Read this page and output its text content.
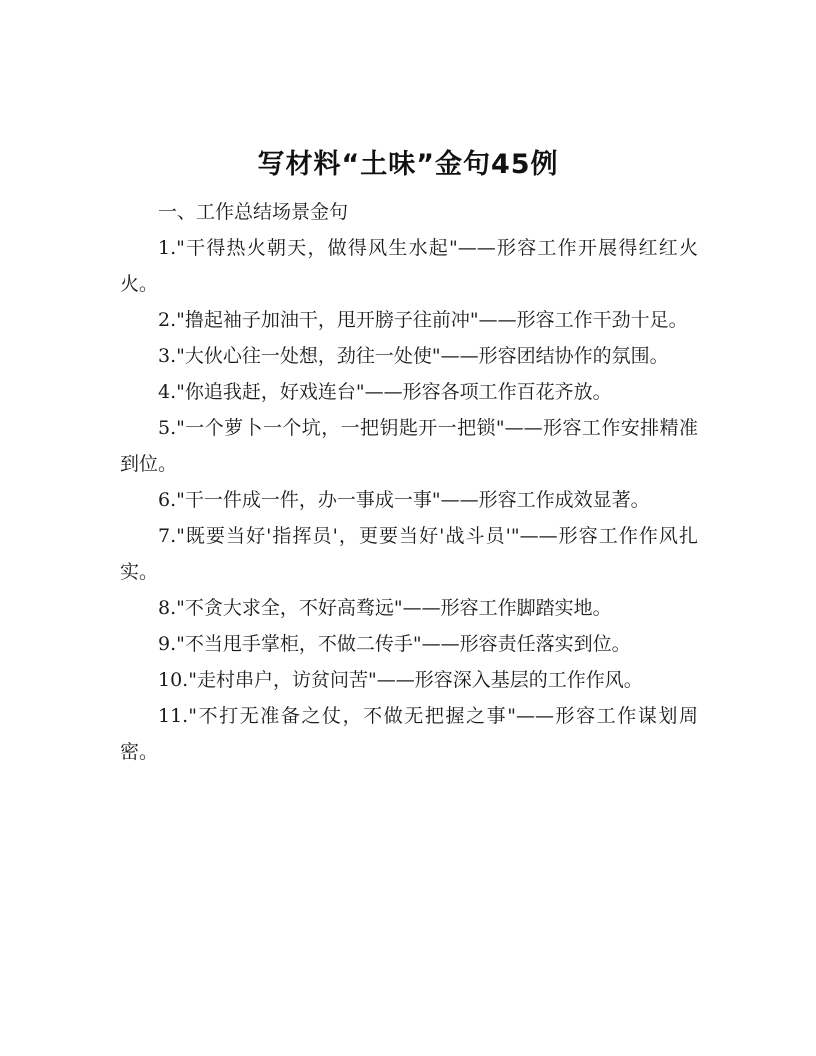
写材料“土味”金句45例

一、工作总结场景金句

1."干得热火朝天，做得风生水起"——形容工作开展得红红火火。

2."撸起袖子加油干，甩开膀子往前冲"——形容工作干劲十足。

3."大伙心往一处想，劲往一处使"——形容团结协作的氛围。

4."你追我赶，好戏连台"——形容各项工作百花齐放。

5."一个萝卜一个坑，一把钥匙开一把锁"——形容工作安排精准到位。

6."干一件成一件，办一事成一事"——形容工作成效显著。

7."既要当好'指挥员'，更要当好'战斗员'"——形容工作作风扎实。

8."不贪大求全，不好高骛远"——形容工作脚踏实地。

9."不当甩手掌柜，不做二传手"——形容责任落实到位。

10."走村串户，访贫问苦"——形容深入基层的工作作风。

11."不打无准备之仗，不做无把握之事"——形容工作谋划周密。
